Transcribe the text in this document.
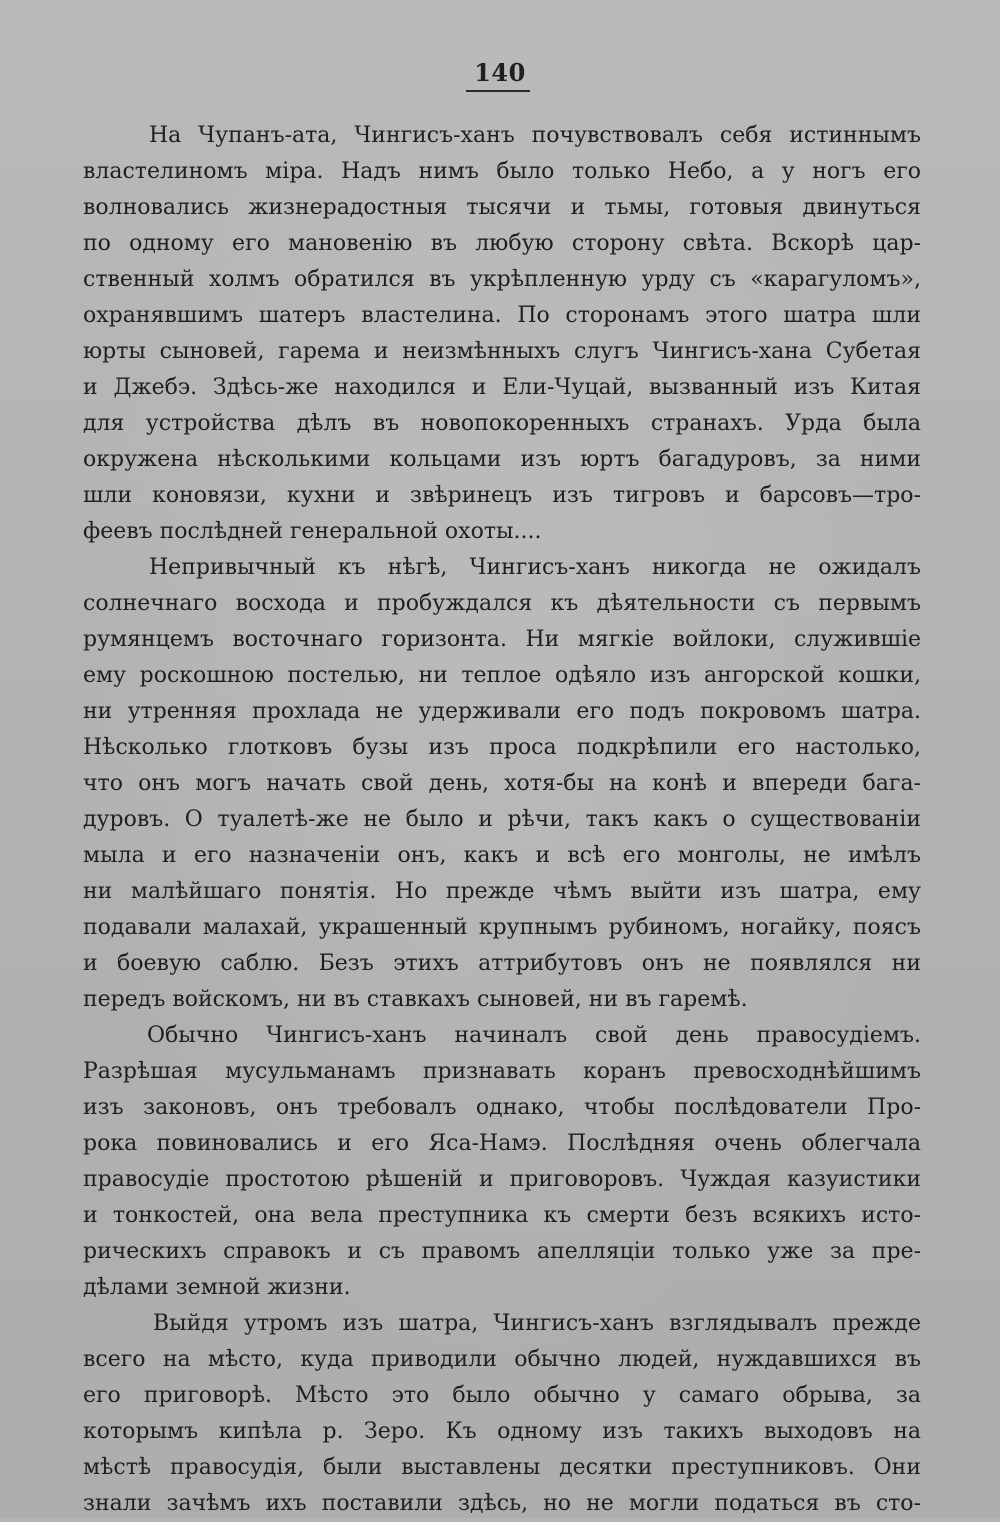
140
На Чупанъ-ата, Чингисъ-ханъ почувствовалъ себя истиннымъ
властелиномъ міра. Надъ нимъ было только Небо, а у ногъ его
волновались жизнерадостныя тысячи и тьмы, готовыя двинуться
по одному его мановенію въ любую сторону свѣта. Вскорѣ цар-
ственный холмъ обратился въ укрѣпленную урду съ «карагуломъ»,
охранявшимъ шатеръ властелина. По сторонамъ этого шатра шли
юрты сыновей, гарема и неизмѣнныхъ слугъ Чингисъ-хана Субетая
и Джебэ. Здѣсь-же находился и Ели-Чуцай, вызванный изъ Китая
для устройства дѣлъ въ новопокоренныхъ странахъ. Урда была
окружена нѣсколькими кольцами изъ юртъ багадуровъ, за ними
шли коновязи, кухни и звѣринецъ изъ тигровъ и барсовъ—тро-
феевъ послѣдней генеральной охоты....
Непривычный къ нѣгѣ, Чингисъ-ханъ никогда не ожидалъ
солнечнаго восхода и пробуждался къ дѣятельности съ первымъ
румянцемъ восточнаго горизонта. Ни мягкіе войлоки, служившіе
ему роскошною постелью, ни теплое одѣяло изъ ангорской кошки,
ни утренняя прохлада не удерживали его подъ покровомъ шатра.
Нѣсколько глотковъ бузы изъ проса подкрѣпили его настолько,
что онъ могъ начать свой день, хотя-бы на конѣ и впереди бага-
дуровъ. О туалетѣ-же не было и рѣчи, такъ какъ о существованіи
мыла и его назначеніи онъ, какъ и всѣ его монголы, не имѣлъ
ни малѣйшаго понятія. Но прежде чѣмъ выйти изъ шатра, ему
подавали малахай, украшенный крупнымъ рубиномъ, ногайку, поясъ
и боевую саблю. Безъ этихъ аттрибутовъ онъ не появлялся ни
передъ войскомъ, ни въ ставкахъ сыновей, ни въ гаремѣ.
Обычно Чингисъ-ханъ начиналъ свой день правосудіемъ.
Разрѣшая мусульманамъ признавать коранъ превосходнѣйшимъ
изъ законовъ, онъ требовалъ однако, чтобы послѣдователи Про-
рока повиновались и его Яса-Намэ. Послѣдняя очень облегчала
правосудіе простотою рѣшеній и приговоровъ. Чуждая казуистики
и тонкостей, она вела преступника къ смерти безъ всякихъ исто-
рическихъ справокъ и съ правомъ апелляціи только уже за пре-
дѣлами земной жизни.
Выйдя утромъ изъ шатра, Чингисъ-ханъ взглядывалъ прежде
всего на мѣсто, куда приводили обычно людей, нуждавшихся въ
его приговорѣ. Мѣсто это было обычно у самаго обрыва, за
которымъ кипѣла р. Зеро. Къ одному изъ такихъ выходовъ на
мѣстѣ правосудія, были выставлены десятки преступниковъ. Они
знали зачѣмъ ихъ поставили здѣсь, но не могли податься въ сто-
